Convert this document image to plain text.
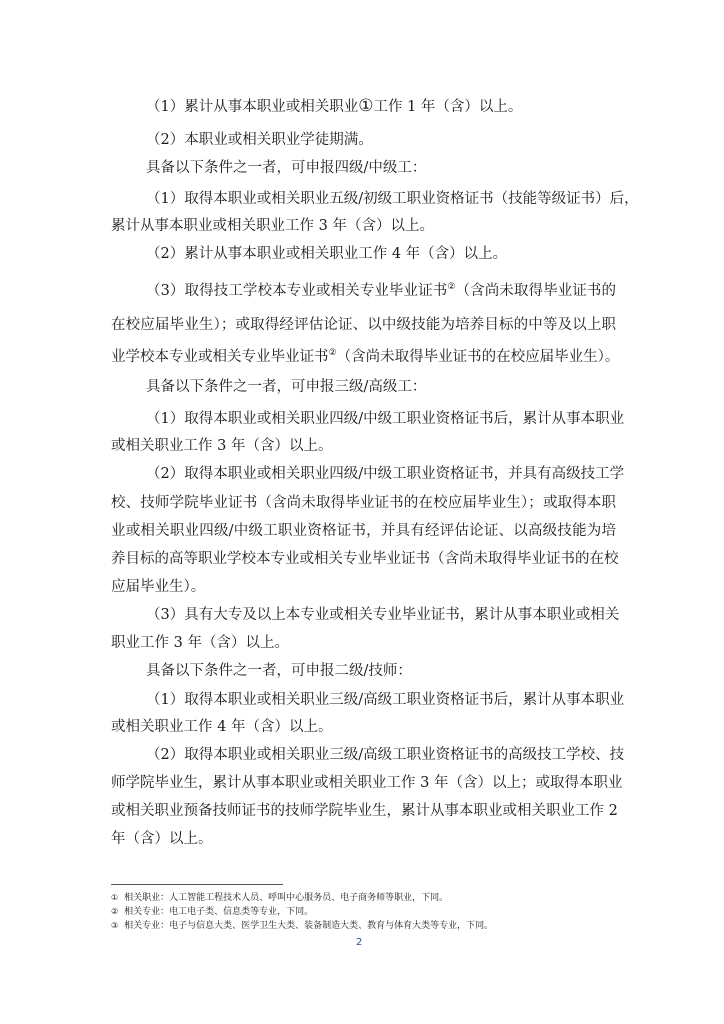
（1）累计从事本职业或相关职业①工作 1 年（含）以上。
（2）本职业或相关职业学徒期满。
具备以下条件之一者，可申报四级/中级工：
（1）取得本职业或相关职业五级/初级工职业资格证书（技能等级证书）后，
累计从事本职业或相关职业工作 3 年（含）以上。
（2）累计从事本职业或相关职业工作 4 年（含）以上。
（3）取得技工学校本专业或相关专业毕业证书②（含尚未取得毕业证书的
在校应届毕业生）；或取得经评估论证、以中级技能为培养目标的中等及以上职
业学校本专业或相关专业毕业证书②（含尚未取得毕业证书的在校应届毕业生）。
具备以下条件之一者，可申报三级/高级工：
（1）取得本职业或相关职业四级/中级工职业资格证书后，累计从事本职业
或相关职业工作 3 年（含）以上。
（2）取得本职业或相关职业四级/中级工职业资格证书，并具有高级技工学
校、技师学院毕业证书（含尚未取得毕业证书的在校应届毕业生）；或取得本职
业或相关职业四级/中级工职业资格证书，并具有经评估论证、以高级技能为培
养目标的高等职业学校本专业或相关专业毕业证书（含尚未取得毕业证书的在校
应届毕业生）。
（3）具有大专及以上本专业或相关专业毕业证书，累计从事本职业或相关
职业工作 3 年（含）以上。
具备以下条件之一者，可申报二级/技师：
（1）取得本职业或相关职业三级/高级工职业资格证书后，累计从事本职业
或相关职业工作 4 年（含）以上。
（2）取得本职业或相关职业三级/高级工职业资格证书的高级技工学校、技
师学院毕业生，累计从事本职业或相关职业工作 3 年（含）以上；或取得本职业
或相关职业预备技师证书的技师学院毕业生，累计从事本职业或相关职业工作 2
年（含）以上。
① 相关职业：人工智能工程技术人员、呼叫中心服务员、电子商务师等职业，下同。
② 相关专业：电工电子类、信息类等专业，下同。
③ 相关专业：电子与信息大类、医学卫生大类、装备制造大类、教育与体育大类等专业，下同。
2
